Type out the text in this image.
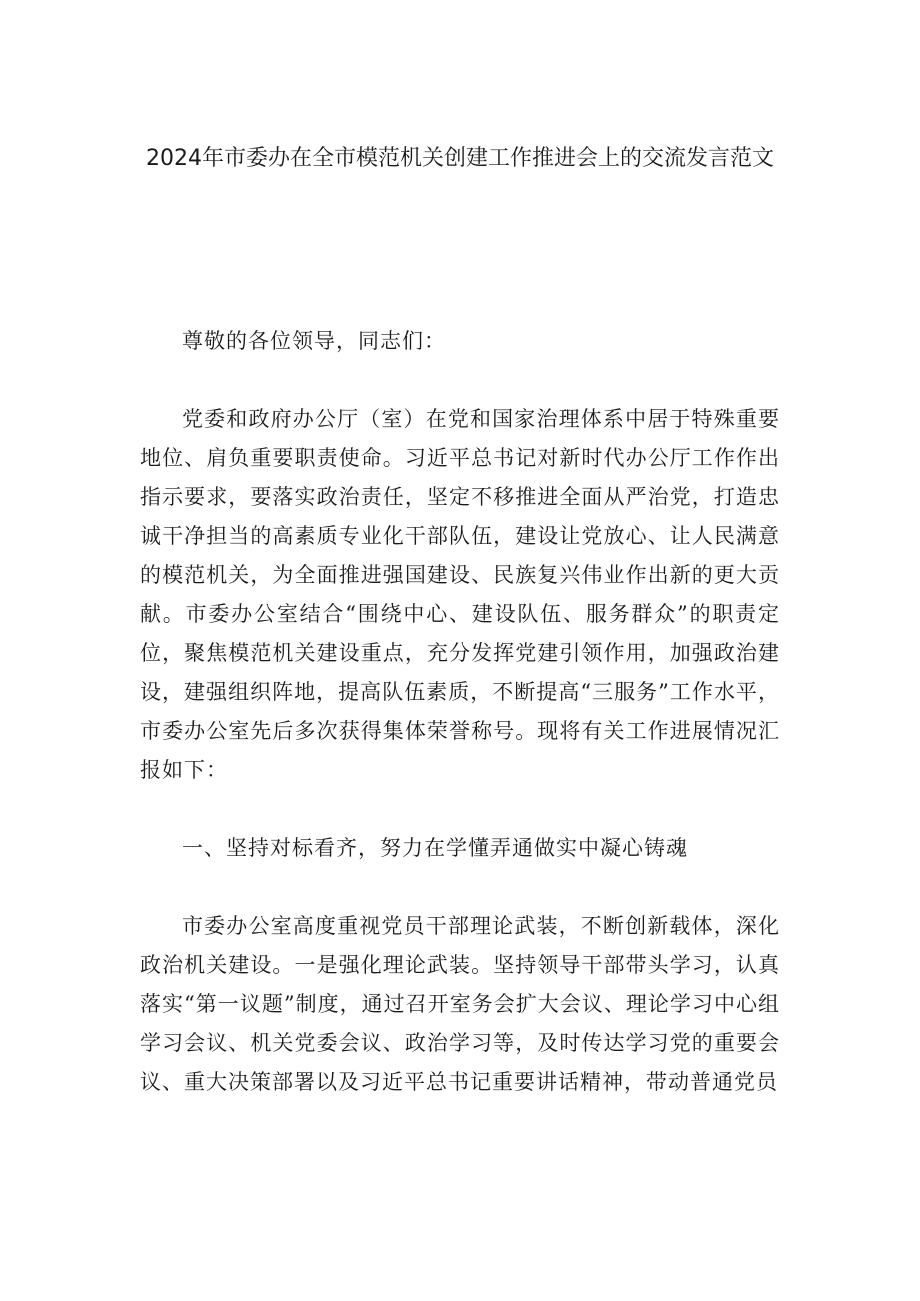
2024年市委办在全市模范机关创建工作推进会上的交流发言范文

尊敬的各位领导，同志们：

党委和政府办公厅（室）在党和国家治理体系中居于特殊重要地位、肩负重要职责使命。习近平总书记对新时代办公厅工作作出指示要求，要落实政治责任，坚定不移推进全面从严治党，打造忠诚干净担当的高素质专业化干部队伍，建设让党放心、让人民满意的模范机关，为全面推进强国建设、民族复兴伟业作出新的更大贡献。市委办公室结合“围绕中心、建设队伍、服务群众”的职责定位，聚焦模范机关建设重点，充分发挥党建引领作用，加强政治建设，建强组织阵地，提高队伍素质，不断提高“三服务”工作水平，市委办公室先后多次获得集体荣誉称号。现将有关工作进展情况汇报如下：

一、坚持对标看齐，努力在学懂弄通做实中凝心铸魂

市委办公室高度重视党员干部理论武装，不断创新载体，深化政治机关建设。一是强化理论武装。坚持领导干部带头学习，认真落实“第一议题”制度，通过召开室务会扩大会议、理论学习中心组学习会议、机关党委会议、政治学习等，及时传达学习党的重要会议、重大决策部署以及习近平总书记重要讲话精神，带动普通党员
